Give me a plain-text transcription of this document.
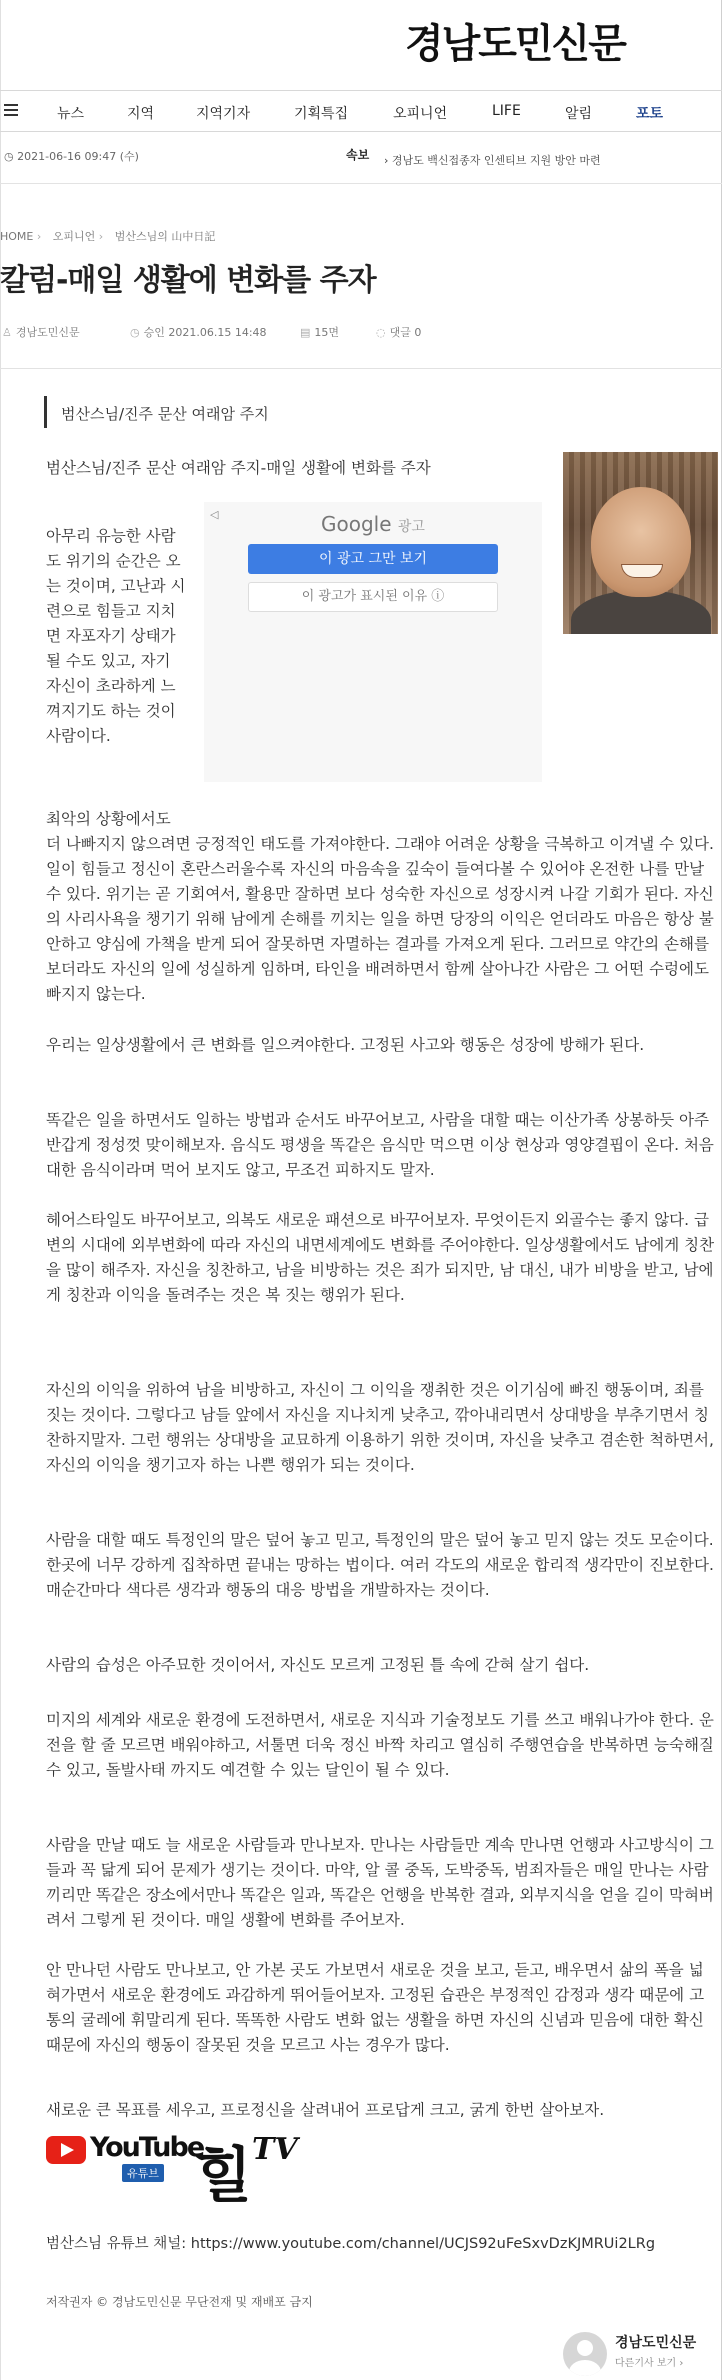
경남도민신문
뉴스	지역	지역기자	기획특집	오피니언	LIFE	알림	포토
◷ 2021-06-16 09:47 (수)	속보 › 경남도 백신접종자 인센티브 지원 방안 마련
HOME › 오피니언 › 범산스님의 山中日記
칼럼-매일 생활에 변화를 주자
♙ 경남도민신문	◷ 승인 2021.06.15 14:48	▤ 15면	◌ 댓글 0
범산스님/진주 문산 여래암 주지
범산스님/진주 문산 여래암 주지-매일 생활에 변화를 주자
아무리 유능한 사람도 위기의 순간은 오는 것이며, 고난과 시련으로 힘들고 지치면 자포자기 상태가 될 수도 있고, 자기 자신이 초라하게 느껴지기도 하는 것이 사람이다.
◁	Google 광고
이 광고 그만 보기
이 광고가 표시된 이유 ⓘ
최악의 상황에서도
더 나빠지지 않으려면 긍정적인 태도를 가져야한다. 그래야 어려운 상황을 극복하고 이겨낼 수 있다. 일이 힘들고 정신이 혼란스러울수록 자신의 마음속을 깊숙이 들여다볼 수 있어야 온전한 나를 만날 수 있다. 위기는 곧 기회여서, 활용만 잘하면 보다 성숙한 자신으로 성장시켜 나갈 기회가 된다. 자신의 사리사욕을 챙기기 위해 남에게 손해를 끼치는 일을 하면 당장의 이익은 얻더라도 마음은 항상 불안하고 양심에 가책을 받게 되어 잘못하면 자멸하는 결과를 가져오게 된다. 그러므로 약간의 손해를 보더라도 자신의 일에 성실하게 임하며, 타인을 배려하면서 함께 살아나간 사람은 그 어떤 수렁에도 빠지지 않는다.
우리는 일상생활에서 큰 변화를 일으켜야한다. 고정된 사고와 행동은 성장에 방해가 된다.
똑같은 일을 하면서도 일하는 방법과 순서도 바꾸어보고, 사람을 대할 때는 이산가족 상봉하듯 아주 반갑게 정성껏 맞이해보자. 음식도 평생을 똑같은 음식만 먹으면 이상 현상과 영양결핍이 온다. 처음대한 음식이라며 먹어 보지도 않고, 무조건 피하지도 말자.
헤어스타일도 바꾸어보고, 의복도 새로운 패션으로 바꾸어보자. 무엇이든지 외골수는 좋지 않다. 급변의 시대에 외부변화에 따라 자신의 내면세계에도 변화를 주어야한다. 일상생활에서도 남에게 칭찬을 많이 해주자. 자신을 칭찬하고, 남을 비방하는 것은 죄가 되지만, 남 대신, 내가 비방을 받고, 남에게 칭찬과 이익을 돌려주는 것은 복 짓는 행위가 된다.
자신의 이익을 위하여 남을 비방하고, 자신이 그 이익을 쟁취한 것은 이기심에 빠진 행동이며, 죄를 짓는 것이다. 그렇다고 남들 앞에서 자신을 지나치게 낮추고, 깎아내리면서 상대방을 부추기면서 칭찬하지말자. 그런 행위는 상대방을 교묘하게 이용하기 위한 것이며, 자신을 낮추고 겸손한 척하면서, 자신의 이익을 챙기고자 하는 나쁜 행위가 되는 것이다.
사람을 대할 때도 특정인의 말은 덮어 놓고 믿고, 특정인의 말은 덮어 놓고 믿지 않는 것도 모순이다. 한곳에 너무 강하게 집착하면 끝내는 망하는 법이다. 여러 각도의 새로운 합리적 생각만이 진보한다. 매순간마다 색다른 생각과 행동의 대응 방법을 개발하자는 것이다.
사람의 습성은 아주묘한 것이어서, 자신도 모르게 고정된 틀 속에 갇혀 살기 쉽다.
미지의 세계와 새로운 환경에 도전하면서, 새로운 지식과 기술정보도 기를 쓰고 배워나가야 한다. 운전을 할 줄 모르면 배워야하고, 서툴면 더욱 정신 바짝 차리고 열심히 주행연습을 반복하면 능숙해질 수 있고, 돌발사태 까지도 예견할 수 있는 달인이 될 수 있다.
사람을 만날 때도 늘 새로운 사람들과 만나보자. 만나는 사람들만 계속 만나면 언행과 사고방식이 그들과 꼭 닮게 되어 문제가 생기는 것이다. 마약, 알 콜 중독, 도박중독, 범죄자들은 매일 만나는 사람끼리만 똑같은 장소에서만나 똑같은 일과, 똑같은 언행을 반복한 결과, 외부지식을 얻을 길이 막혀버려서 그렇게 된 것이다. 매일 생활에 변화를 주어보자.
안 만나던 사람도 만나보고, 안 가본 곳도 가보면서 새로운 것을 보고, 듣고, 배우면서 삶의 폭을 넓혀가면서 새로운 환경에도 과감하게 뛰어들어보자. 고정된 습관은 부정적인 감정과 생각 때문에 고통의 굴레에 휘말리게 된다. 똑똑한 사람도 변화 없는 생활을 하면 자신의 신념과 믿음에 대한 확신 때문에 자신의 행동이 잘못된 것을 모르고 사는 경우가 많다.
새로운 큰 목표를 세우고, 프로정신을 살려내어 프로답게 크고, 굵게 한번 살아보자.
YouTube
유튜브 힐 TV
범산스님 유튜브 채널: https://www.youtube.com/channel/UCJS92uFeSxvDzKJMRUi2LRg
저작권자 © 경남도민신문 무단전재 및 재배포 금지
경남도민신문
다른기사 보기 ›
